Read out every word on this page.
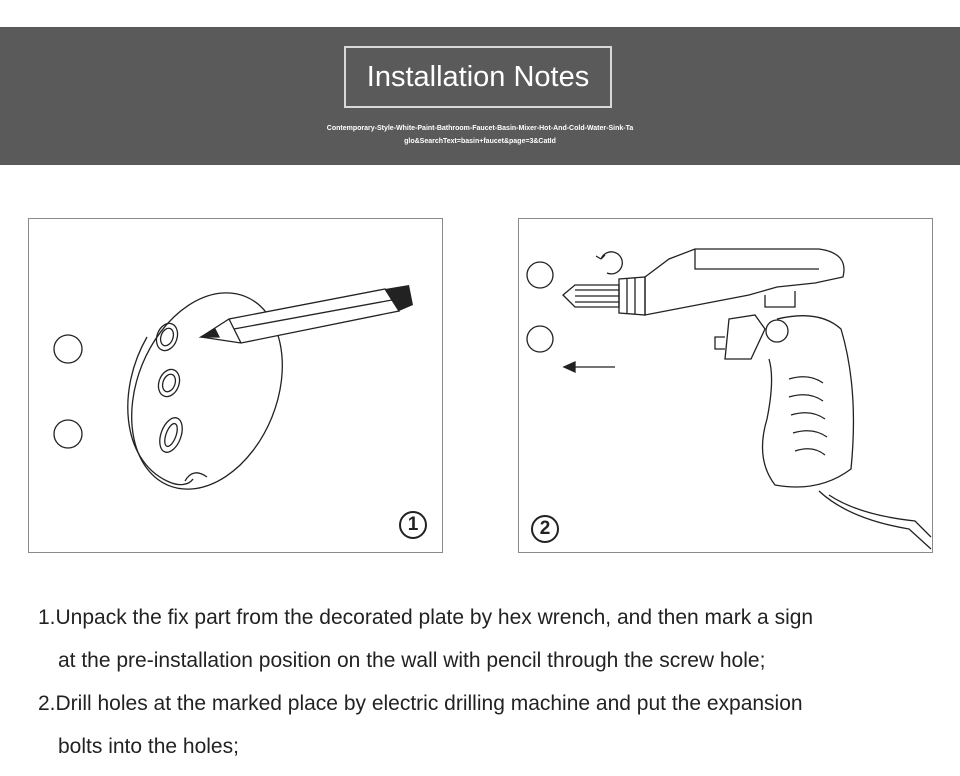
Installation Notes
Contemporary-Style-White-Paint-Bathroom-Faucet-Basin-Mixer-Hot-And-Cold-Water-Sink-Ta
glo&SearchText=basin+faucet&page=3&CatId
1	2

1.Unpack the fix part from the decorated plate by hex wrench, and then mark a sign

at the pre-installation position on the wall with pencil through the screw hole;

2.Drill holes at the marked place by electric drilling machine and put the expansion

bolts into the holes;
